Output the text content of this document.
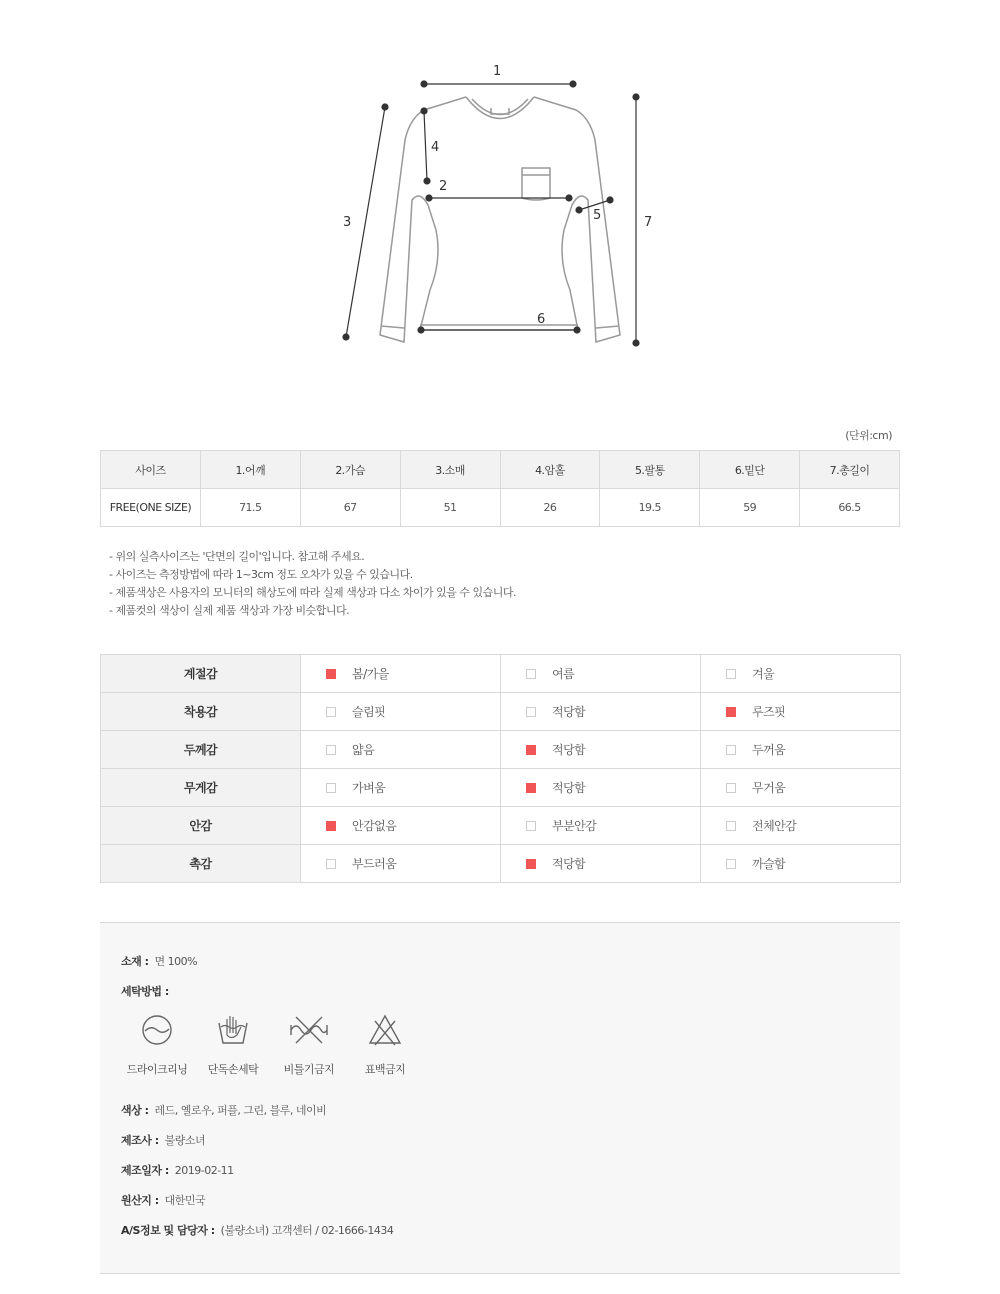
1
2
3
4
5
6
7
(단위:cm)
사이즈	1.어깨	2.가슴	3.소매	4.암홀	5.팔통	6.밑단	7.총길이
FREE(ONE SIZE)	71.5	67	51	26	19.5	59	66.5
- 위의 실측사이즈는 '단면의 길이'입니다. 참고해 주세요.
- 사이즈는 측정방법에 따라 1~3cm 정도 오차가 있을 수 있습니다.
- 제품색상은 사용자의 모니터의 해상도에 따라 실제 색상과 다소 차이가 있을 수 있습니다.
- 제품컷의 색상이 실제 제품 색상과 가장 비슷합니다.
계절감	봄/가을	여름	겨울
착용감	슬림핏	적당함	루즈핏
두께감	얇음	적당함	두꺼움
무게감	가벼움	적당함	무거움
안감	안감없음	부분안감	전체안감
촉감	부드러움	적당함	까슬함
소재 : 면 100%
세탁방법 :
드라이크리닝	단독손세탁	비틀기금지	표백금지
색상 : 레드, 옐로우, 퍼플, 그린, 블루, 네이비
제조사 : 불량소녀
제조일자 : 2019-02-11
원산지 : 대한민국
A/S정보 및 담당자 : (불량소녀) 고객센터 / 02-1666-1434
